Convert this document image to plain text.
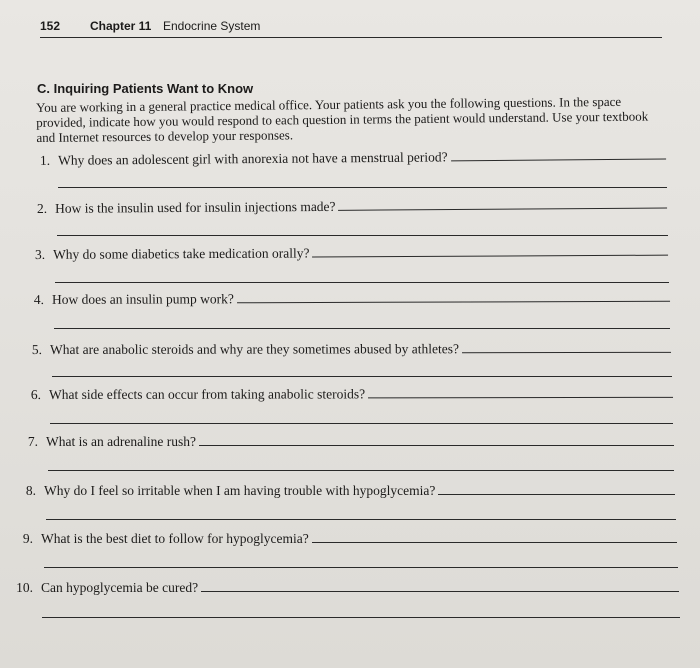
152 Chapter 11 Endocrine System
C. Inquiring Patients Want to Know
You are working in a general practice medical office. Your patients ask you the following questions. In the space provided, indicate how you would respond to each question in terms the patient would understand. Use your textbook and Internet resources to develop your responses.
1. Why does an adolescent girl with anorexia not have a menstrual period?
2. How is the insulin used for insulin injections made?
3. Why do some diabetics take medication orally?
4. How does an insulin pump work?
5. What are anabolic steroids and why are they sometimes abused by athletes?
6. What side effects can occur from taking anabolic steroids?
7. What is an adrenaline rush?
8. Why do I feel so irritable when I am having trouble with hypoglycemia?
9. What is the best diet to follow for hypoglycemia?
10. Can hypoglycemia be cured?
